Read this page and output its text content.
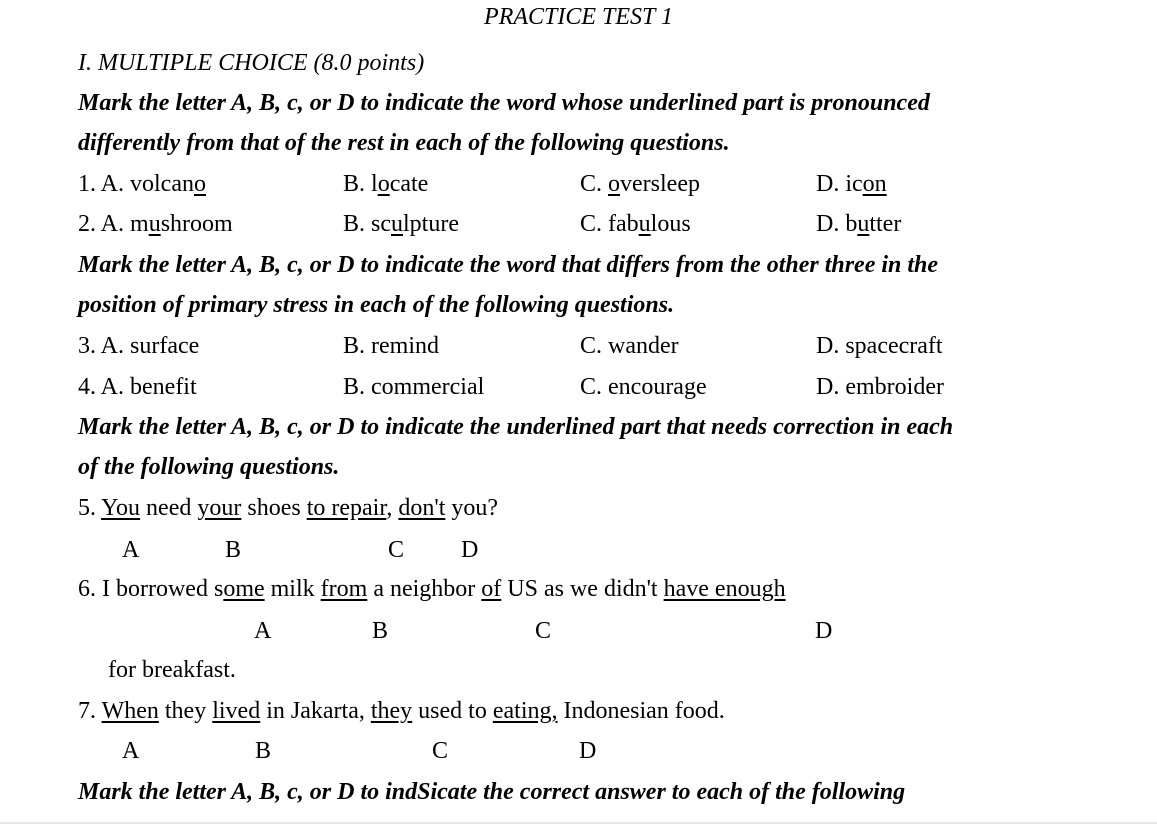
PRACTICE TEST 1
I. MULTIPLE CHOICE (8.0 points)
Mark the letter A, B, c, or D to indicate the word whose underlined part is pronounced
differently from that of the rest in each of the following questions.
1. A. volcano	B. locate	C. oversleep	D. icon
2. A. mushroom	B. sculpture	C. fabulous	D. butter
Mark the letter A, B, c, or D to indicate the word that differs from the other three in the
position of primary stress in each of the following questions.
3. A. surface	B. remind	C. wander	D. spacecraft
4. A. benefit	B. commercial	C. encourage	D. embroider
Mark the letter A, B, c, or D to indicate the underlined part that needs correction in each
of the following questions.
5. You need your shoes to repair, don't you?
A	B	C D
6. I borrowed some milk from a neighbor of US as we didn't have enough
A	B	C	D
for breakfast.
7. When they lived in Jakarta, they used to eating, Indonesian food.
A	B	C	D
Mark the letter A, B, c, or D to indSicate the correct answer to each of the following
